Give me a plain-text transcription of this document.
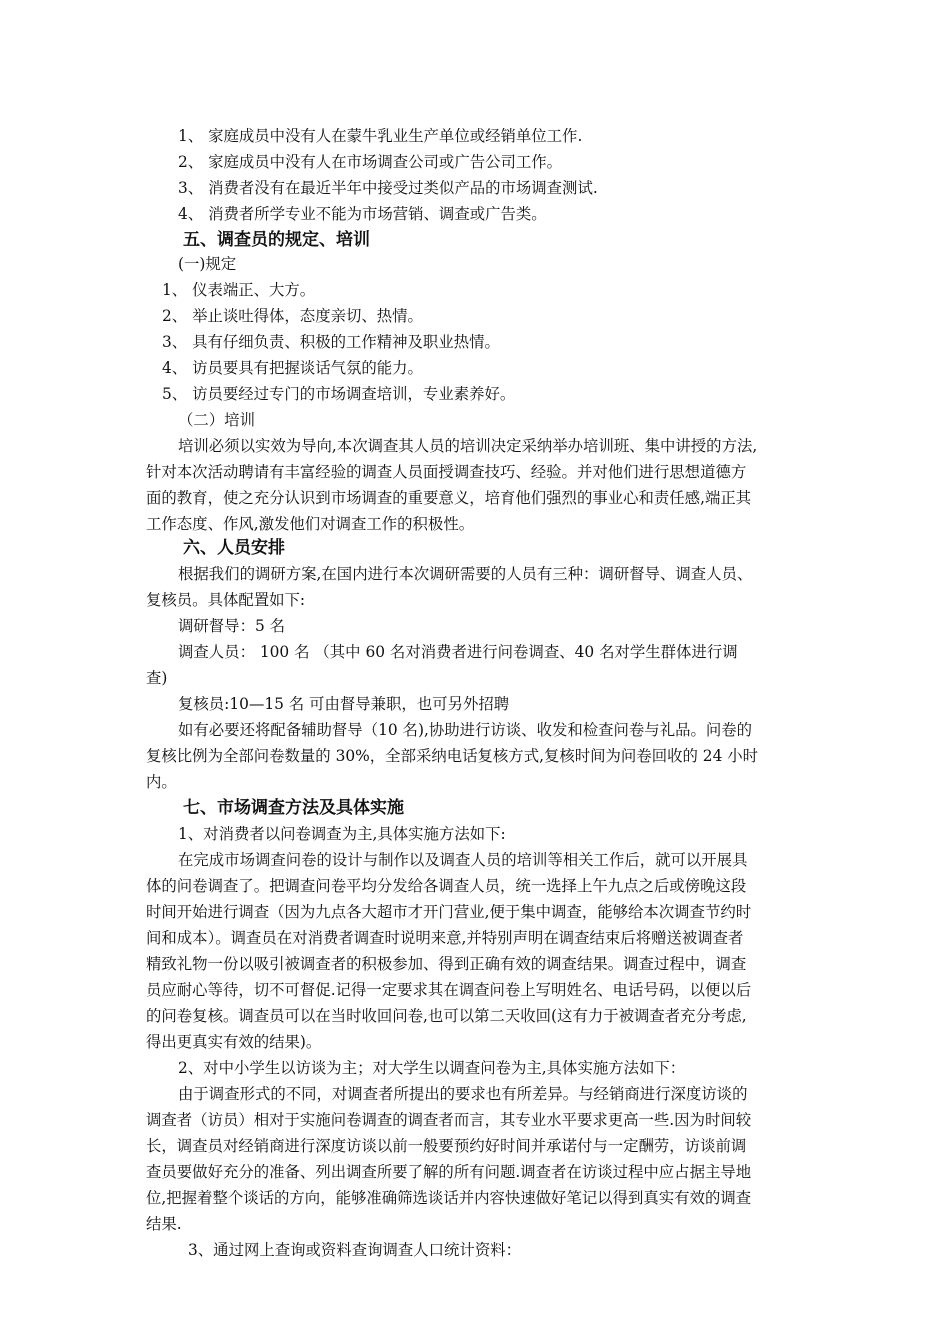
1、 家庭成员中没有人在蒙牛乳业生产单位或经销单位工作.
2、 家庭成员中没有人在市场调查公司或广告公司工作。
3、 消费者没有在最近半年中接受过类似产品的市场调查测试.
4、 消费者所学专业不能为市场营销、调查或广告类。
五、调查员的规定、培训
(一)规定
1、 仪表端正、大方。
2、 举止谈吐得体，态度亲切、热情。
3、 具有仔细负责、积极的工作精神及职业热情。
4、 访员要具有把握谈话气氛的能力。
5、 访员要经过专门的市场调查培训，专业素养好。
（二）培训
培训必须以实效为导向,本次调查其人员的培训决定采纳举办培训班、集中讲授的方法,
针对本次活动聘请有丰富经验的调查人员面授调查技巧、经验。并对他们进行思想道德方
面的教育，使之充分认识到市场调查的重要意义，培育他们强烈的事业心和责任感,端正其
工作态度、作风,激发他们对调查工作的积极性。
六、人员安排
根据我们的调研方案,在国内进行本次调研需要的人员有三种：调研督导、调查人员、
复核员。具体配置如下:
调研督导：5 名
调查人员： 100 名 （其中 60 名对消费者进行问卷调查、40 名对学生群体进行调
查)
复核员:10—15 名 可由督导兼职，也可另外招聘
如有必要还将配备辅助督导（10 名),协助进行访谈、收发和检查问卷与礼品。问卷的
复核比例为全部问卷数量的 30%，全部采纳电话复核方式,复核时间为问卷回收的 24 小时
内。
七、市场调查方法及具体实施
1、对消费者以问卷调查为主,具体实施方法如下:
在完成市场调查问卷的设计与制作以及调查人员的培训等相关工作后，就可以开展具
体的问卷调查了。把调查问卷平均分发给各调查人员，统一选择上午九点之后或傍晚这段
时间开始进行调查（因为九点各大超市才开门营业,便于集中调查，能够给本次调查节约时
间和成本）。调查员在对消费者调查时说明来意,并特别声明在调查结束后将赠送被调查者
精致礼物一份以吸引被调查者的积极参加、得到正确有效的调查结果。调查过程中，调查
员应耐心等待，切不可督促.记得一定要求其在调查问卷上写明姓名、电话号码，以便以后
的问卷复核。调查员可以在当时收回问卷,也可以第二天收回(这有力于被调查者充分考虑,
得出更真实有效的结果)。
2、对中小学生以访谈为主；对大学生以调查问卷为主,具体实施方法如下：
由于调查形式的不同，对调查者所提出的要求也有所差异。与经销商进行深度访谈的
调查者（访员）相对于实施问卷调查的调查者而言，其专业水平要求更高一些.因为时间较
长，调查员对经销商进行深度访谈以前一般要预约好时间并承诺付与一定酬劳，访谈前调
查员要做好充分的准备、列出调查所要了解的所有问题.调查者在访谈过程中应占据主导地
位,把握着整个谈话的方向，能够准确筛选谈话并内容快速做好笔记以得到真实有效的调查
结果.
3、通过网上查询或资料查询调查人口统计资料：
